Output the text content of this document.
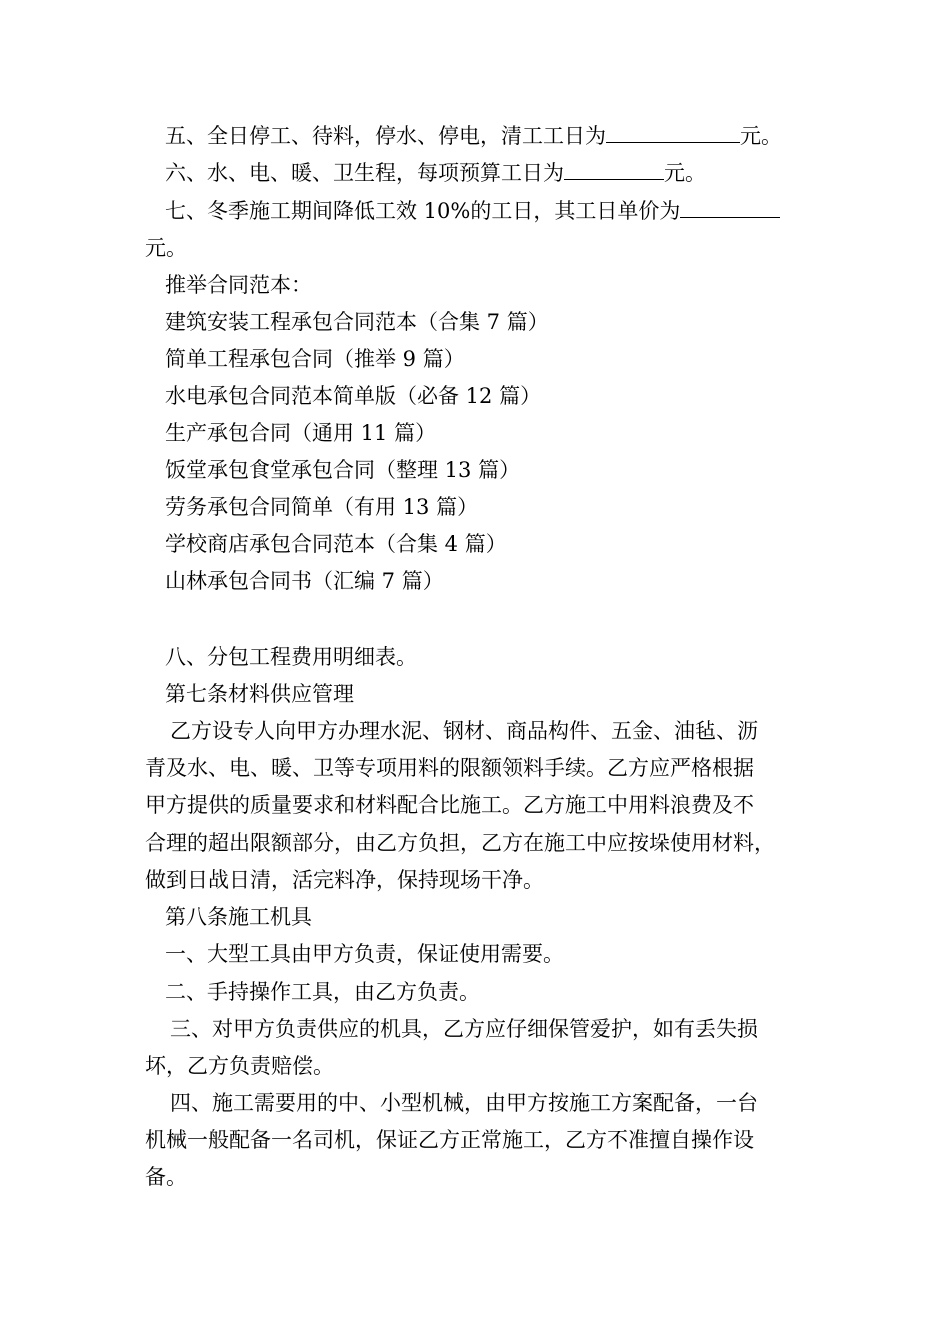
五、全日停工、待料，停水、停电，清工工日为	元。
六、水、电、暖、卫生程，每项预算工日为	元。
七、冬季施工期间降低工效 10%的工日，其工日单价为
元。
推举合同范本：
建筑安装工程承包合同范本（合集 7 篇）
简单工程承包合同（推举 9 篇）
水电承包合同范本简单版（必备 12 篇）
生产承包合同（通用 11 篇）
饭堂承包食堂承包合同（整理 13 篇）
劳务承包合同简单（有用 13 篇）
学校商店承包合同范本（合集 4 篇）
山林承包合同书（汇编 7 篇）
八、分包工程费用明细表。
第七条材料供应管理
乙方设专人向甲方办理水泥、钢材、商品构件、五金、油毡、沥
青及水、电、暖、卫等专项用料的限额领料手续。乙方应严格根据
甲方提供的质量要求和材料配合比施工。乙方施工中用料浪费及不
合理的超出限额部分，由乙方负担，乙方在施工中应按垛使用材料，
做到日战日清，活完料净，保持现场干净。
第八条施工机具
一、大型工具由甲方负责，保证使用需要。
二、手持操作工具，由乙方负责。
三、对甲方负责供应的机具，乙方应仔细保管爱护，如有丢失损
坏，乙方负责赔偿。
四、施工需要用的中、小型机械，由甲方按施工方案配备，一台
机械一般配备一名司机，保证乙方正常施工，乙方不准擅自操作设
备。
